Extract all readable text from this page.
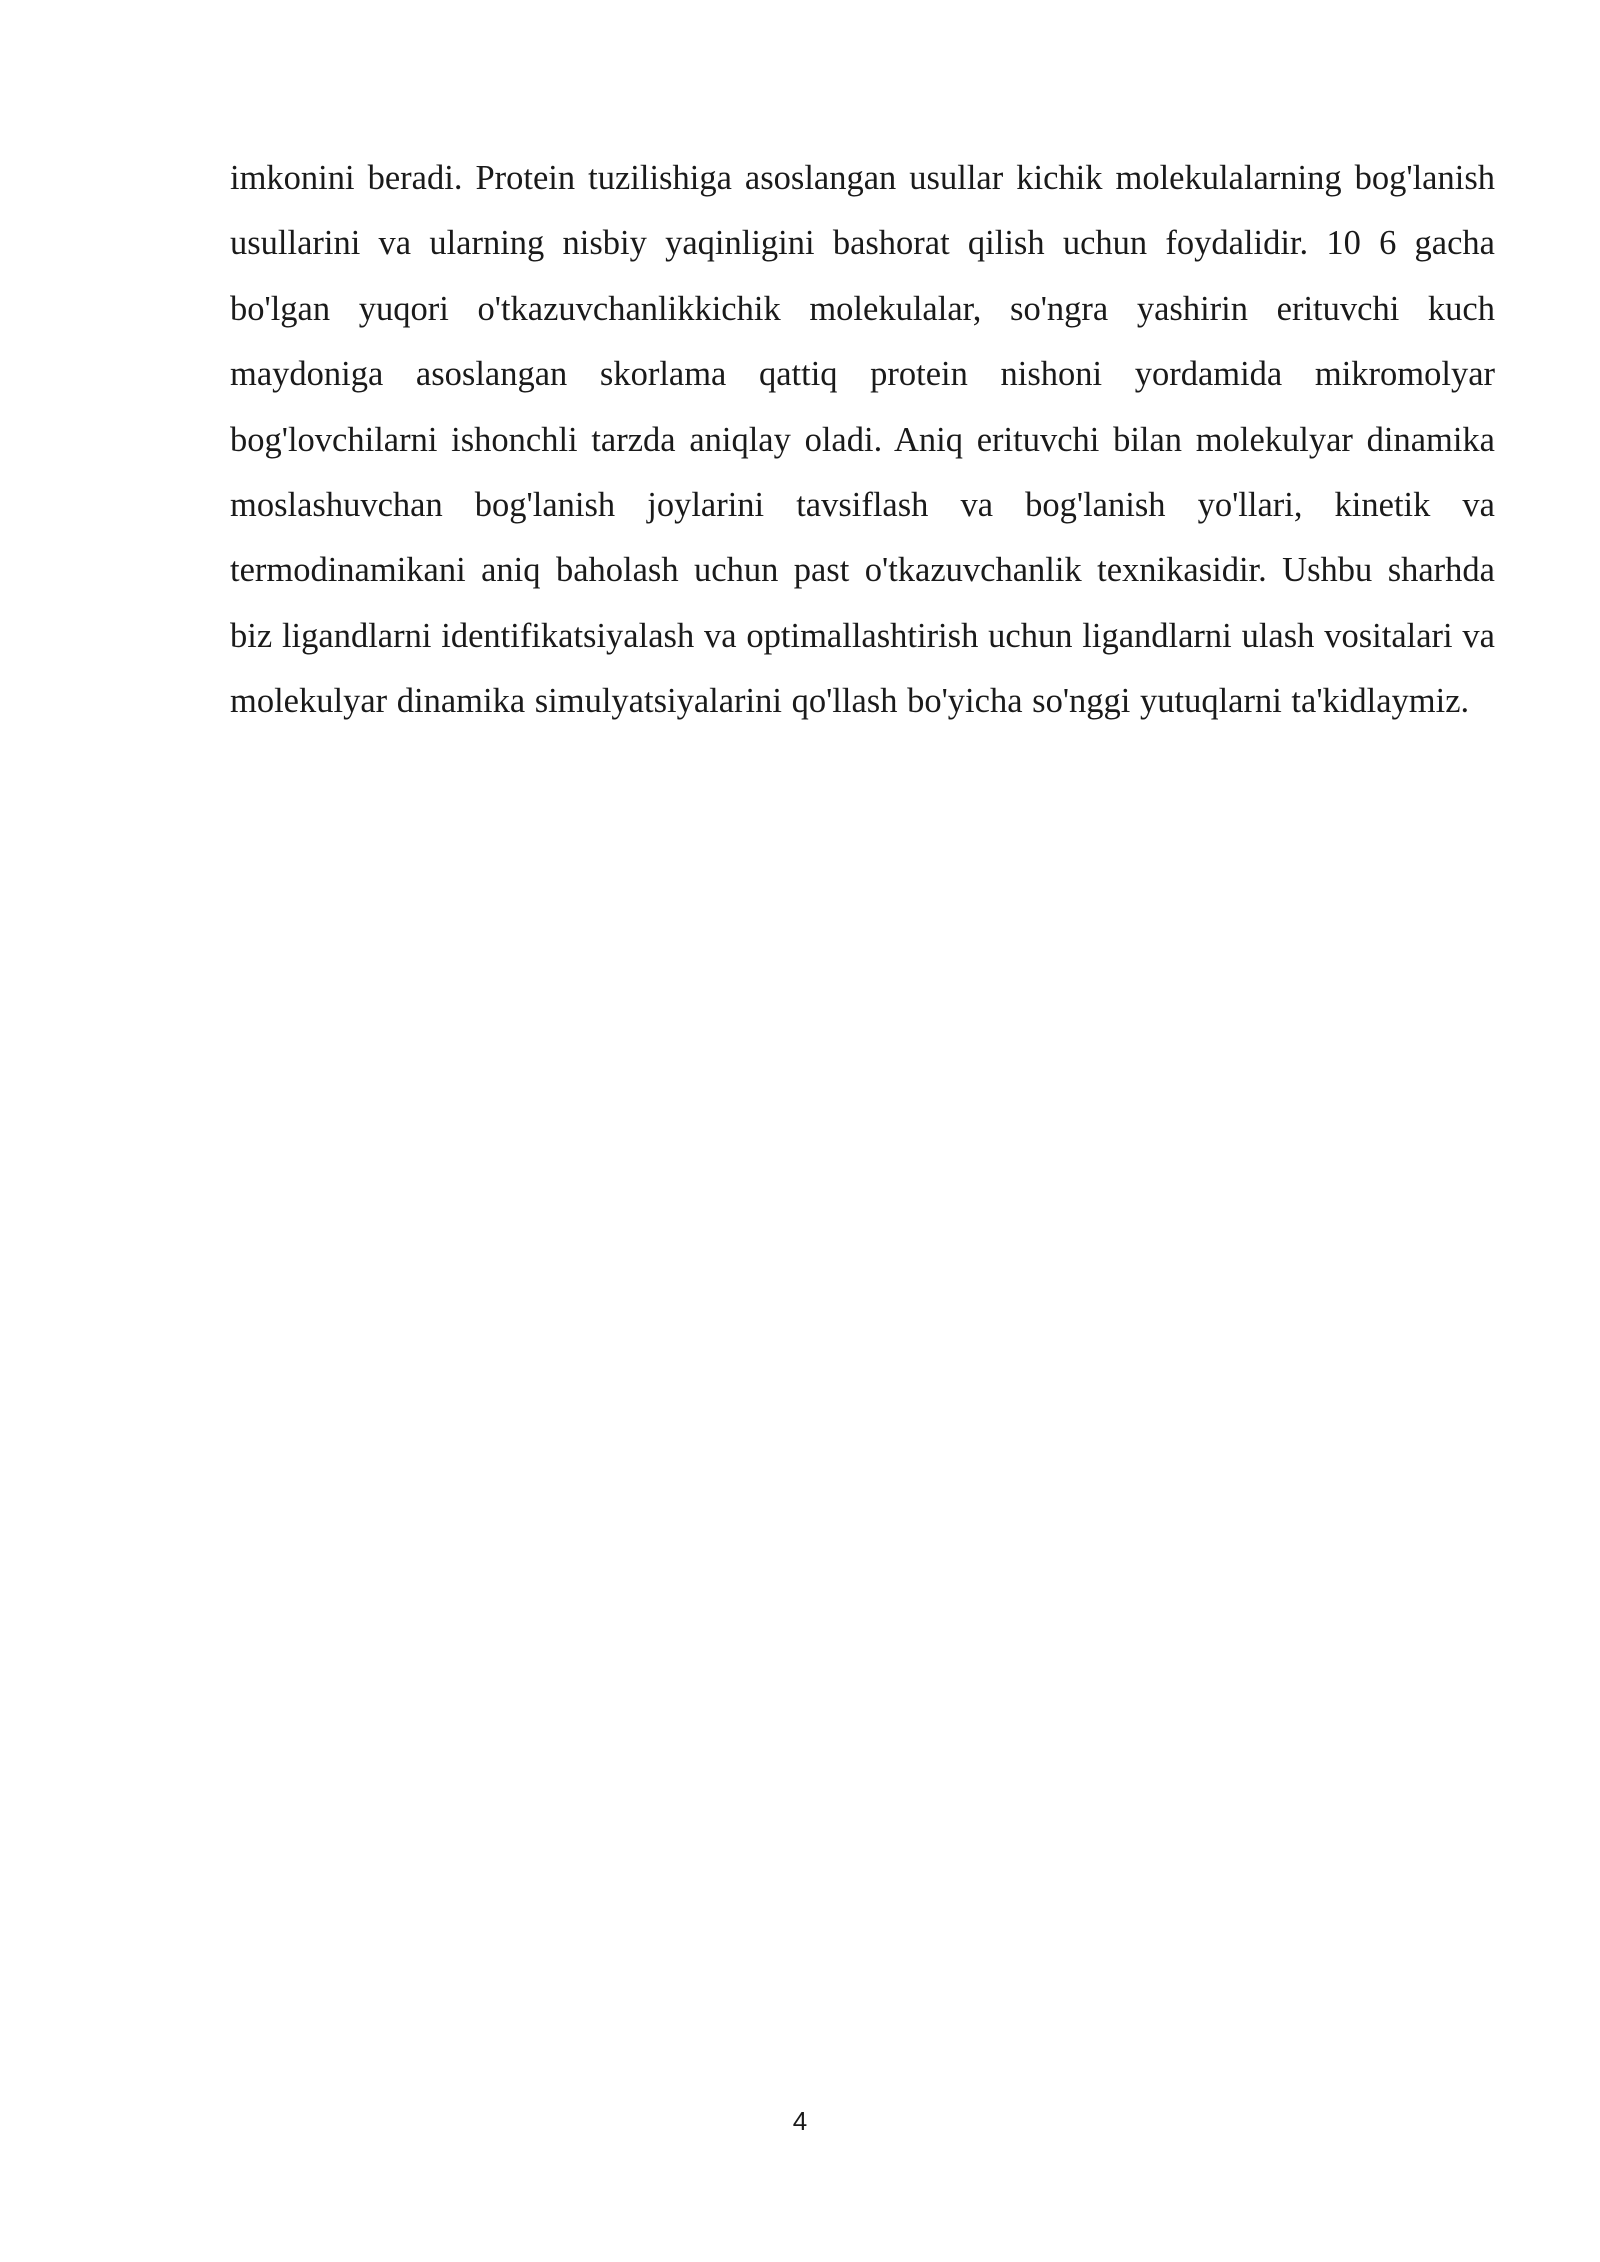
imkonini beradi. Protein tuzilishiga asoslangan usullar kichik molekulalarning bog'lanish usullarini va ularning nisbiy yaqinligini bashorat qilish uchun foydalidir. 10 6 gacha bo'lgan yuqori o'tkazuvchanlikkichik molekulalar, so'ngra yashirin erituvchi kuch maydoniga asoslangan skorlama qattiq protein nishoni yordamida mikromolyar bog'lovchilarni ishonchli tarzda aniqlay oladi. Aniq erituvchi bilan molekulyar dinamika moslashuvchan bog'lanish joylarini tavsiflash va bog'lanish yo'llari, kinetik va termodinamikani aniq baholash uchun past o'tkazuvchanlik texnikasidir. Ushbu sharhda biz ligandlarni identifikatsiyalash va optimallashtirish uchun ligandlarni ulash vositalari va molekulyar dinamika simulyatsiyalarini qo'llash bo'yicha so'nggi yutuqlarni ta'kidlaymiz.

4
